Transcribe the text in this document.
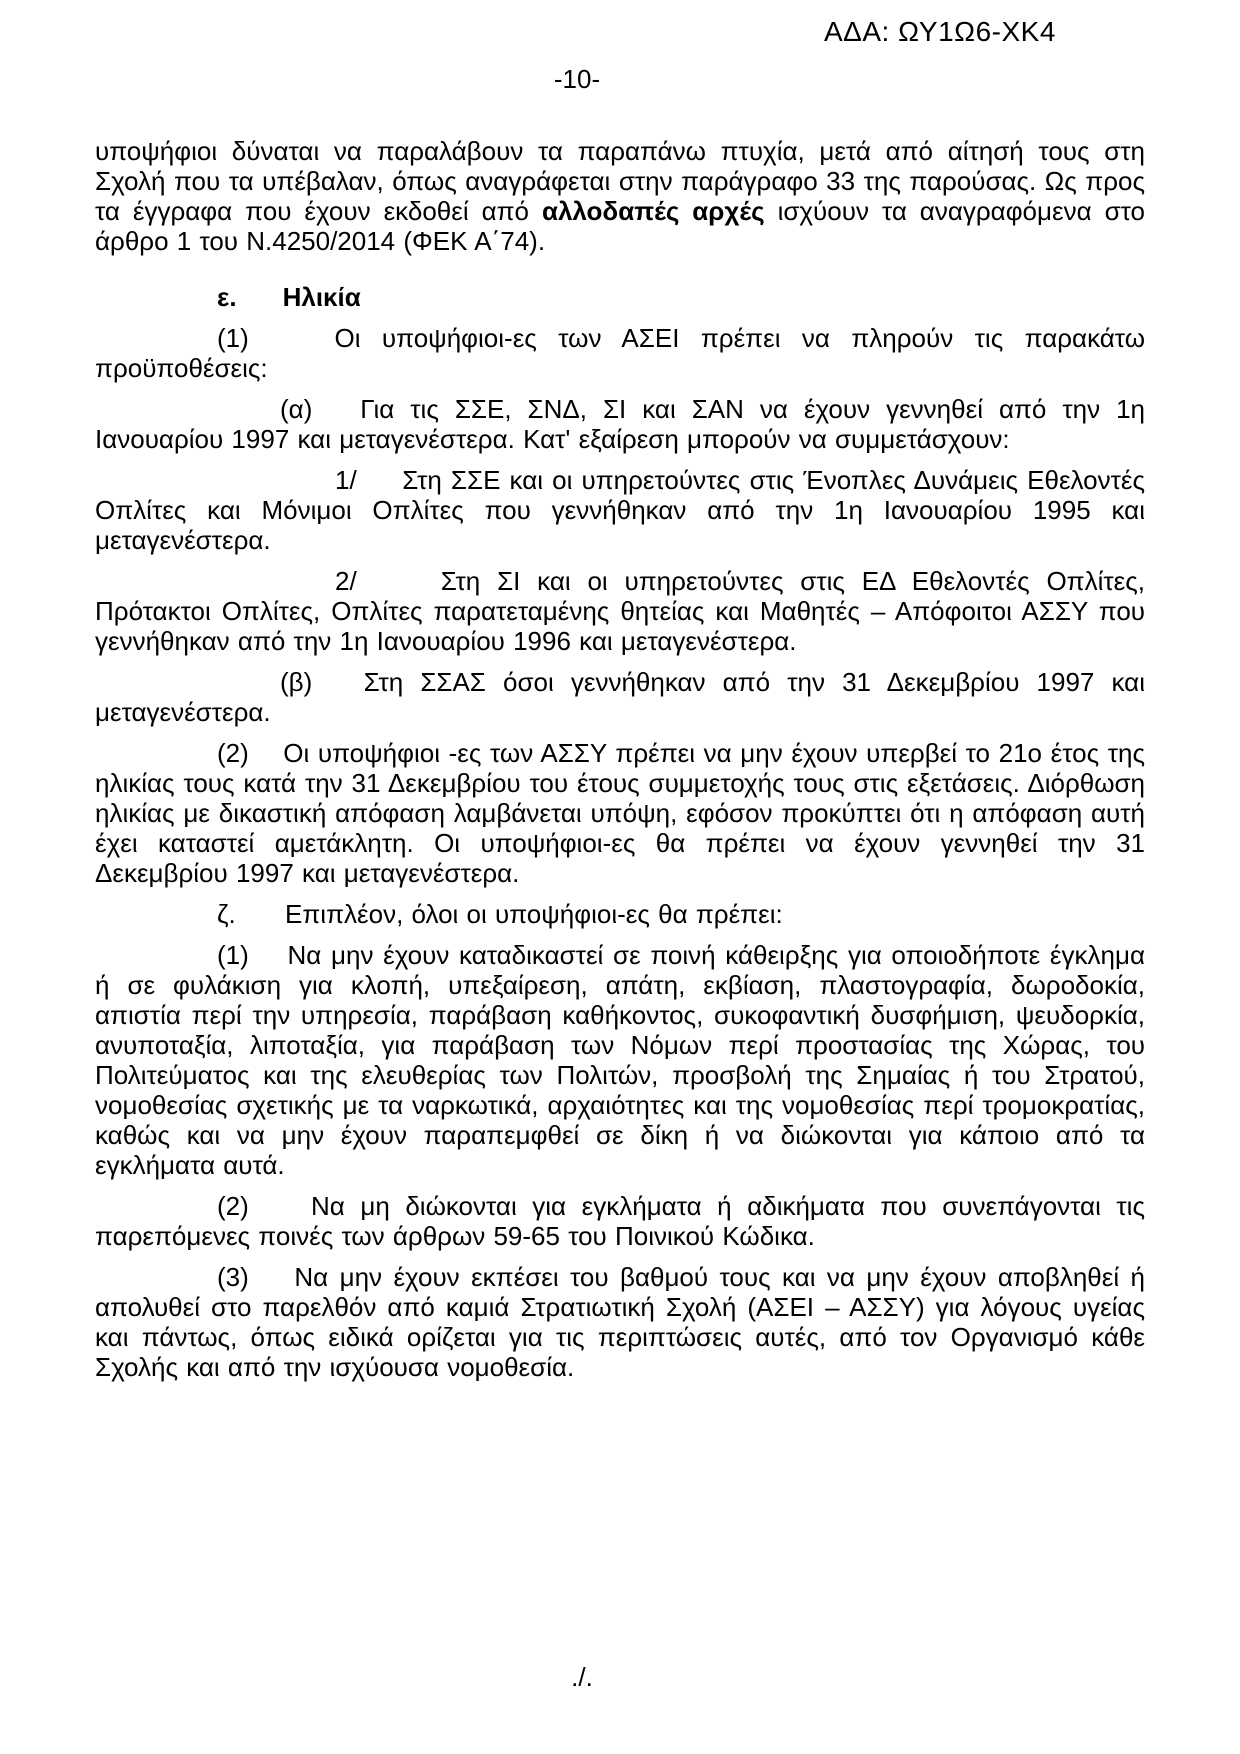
ΑΔΑ: ΩΥ1Ω6-ΧΚ4
-10-

υποψήφιοι δύναται να παραλάβουν τα παραπάνω πτυχία, μετά από αίτησή τους στη Σχολή που τα υπέβαλαν, όπως αναγράφεται στην παράγραφο 33 της παρούσας. Ως προς τα έγγραφα που έχουν εκδοθεί από αλλοδαπές αρχές ισχύουν τα αναγραφόμενα στο άρθρο 1 του Ν.4250/2014 (ΦΕΚ Α΄74).

ε. Ηλικία

(1)    Οι υποψήφιοι-ες των ΑΣΕΙ πρέπει να πληρούν τις παρακάτω προϋποθέσεις:

(α)   Για τις ΣΣΕ, ΣΝΔ, ΣΙ και ΣΑΝ να έχουν γεννηθεί από την 1η Ιανουαρίου 1997 και μεταγενέστερα. Κατ' εξαίρεση μπορούν να συμμετάσχουν:

1/     Στη ΣΣΕ και οι υπηρετούντες στις Ένοπλες Δυνάμεις Εθελοντές Οπλίτες και Μόνιμοι Οπλίτες που γεννήθηκαν από την 1η Ιανουαρίου 1995 και μεταγενέστερα.

2/     Στη ΣΙ και οι υπηρετούντες στις ΕΔ Εθελοντές Οπλίτες, Πρότακτοι Οπλίτες, Οπλίτες παρατεταμένης θητείας και Μαθητές – Απόφοιτοι ΑΣΣΥ που γεννήθηκαν από την 1η Ιανουαρίου 1996 και μεταγενέστερα.

(β)   Στη ΣΣΑΣ όσοι γεννήθηκαν από την 31 Δεκεμβρίου 1997 και μεταγενέστερα.

(2)    Οι υποψήφιοι -ες των ΑΣΣΥ πρέπει να μην έχουν υπερβεί το 21ο έτος της ηλικίας τους κατά την 31 Δεκεμβρίου του έτους συμμετοχής τους στις εξετάσεις. Διόρθωση ηλικίας με δικαστική απόφαση λαμβάνεται υπόψη, εφόσον προκύπτει ότι η απόφαση αυτή έχει καταστεί αμετάκλητη. Οι υποψήφιοι-ες θα πρέπει να έχουν γεννηθεί την 31 Δεκεμβρίου 1997 και μεταγενέστερα.

ζ.      Επιπλέον, όλοι οι υποψήφιοι-ες θα πρέπει:

(1)    Να μην έχουν καταδικαστεί σε ποινή κάθειρξης για οποιοδήποτε έγκλημα ή σε φυλάκιση για κλοπή, υπεξαίρεση, απάτη, εκβίαση, πλαστογραφία, δωροδοκία, απιστία περί την υπηρεσία, παράβαση καθήκοντος, συκοφαντική δυσφήμιση, ψευδορκία, ανυποταξία, λιποταξία, για παράβαση των Νόμων περί προστασίας της Χώρας, του Πολιτεύματος και της ελευθερίας των Πολιτών, προσβολή της Σημαίας ή του Στρατού, νομοθεσίας σχετικής με τα ναρκωτικά, αρχαιότητες και της νομοθεσίας περί τρομοκρατίας, καθώς και να μην έχουν παραπεμφθεί σε δίκη ή να διώκονται για κάποιο από τα εγκλήματα αυτά.

(2)    Να μη διώκονται για εγκλήματα ή αδικήματα που συνεπάγονται τις παρεπόμενες ποινές των άρθρων 59-65 του Ποινικού Κώδικα.

(3)    Να μην έχουν εκπέσει του βαθμού τους και να μην έχουν αποβληθεί ή απολυθεί στο παρελθόν από καμιά Στρατιωτική Σχολή (ΑΣΕΙ – ΑΣΣΥ) για λόγους υγείας και πάντως, όπως ειδικά ορίζεται για τις περιπτώσεις αυτές, από τον Οργανισμό κάθε Σχολής και από την ισχύουσα νομοθεσία.

./.
